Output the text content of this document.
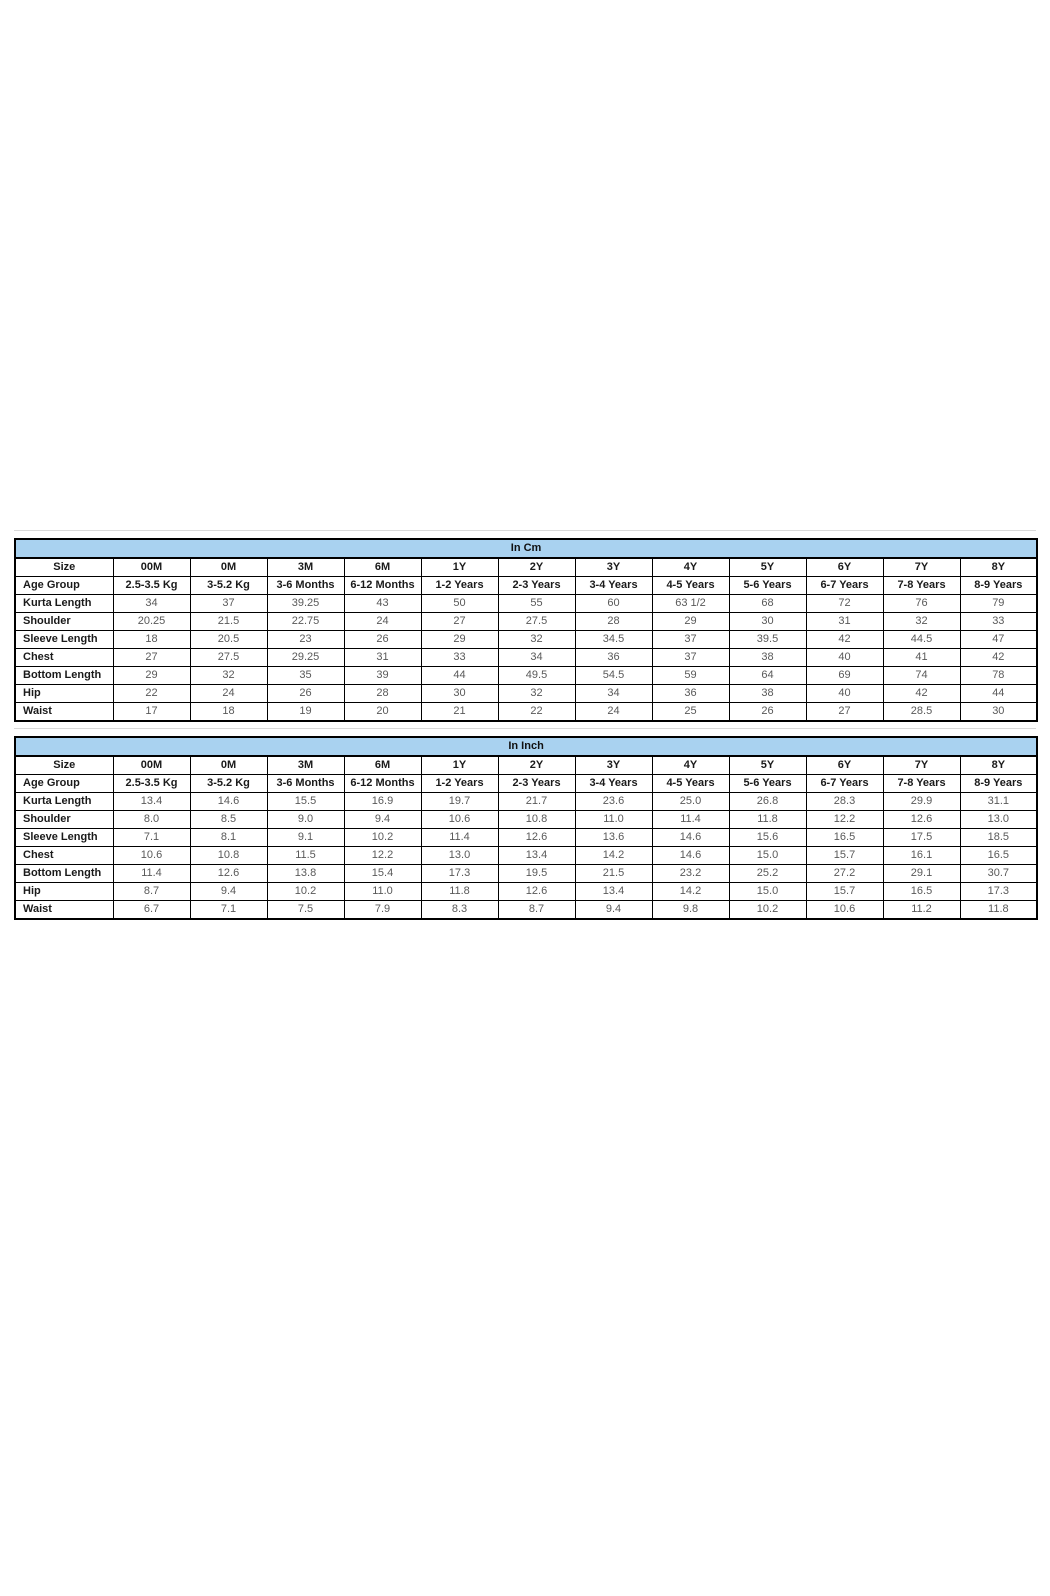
In Cm												
Size	00M	0M	3M	6M	1Y	2Y	3Y	4Y	5Y	6Y	7Y	8Y
Age Group	2.5-3.5 Kg	3-5.2 Kg	3-6 Months	6-12 Months	1-2 Years	2-3 Years	3-4 Years	4-5 Years	5-6 Years	6-7 Years	7-8 Years	8-9 Years
Kurta Length	34	37	39.25	43	50	55	60	63 1/2	68	72	76	79
Shoulder	20.25	21.5	22.75	24	27	27.5	28	29	30	31	32	33
Sleeve Length	18	20.5	23	26	29	32	34.5	37	39.5	42	44.5	47
Chest	27	27.5	29.25	31	33	34	36	37	38	40	41	42
Bottom Length	29	32	35	39	44	49.5	54.5	59	64	69	74	78
Hip	22	24	26	28	30	32	34	36	38	40	42	44
Waist	17	18	19	20	21	22	24	25	26	27	28.5	30
In Inch												
Size	00M	0M	3M	6M	1Y	2Y	3Y	4Y	5Y	6Y	7Y	8Y
Age Group	2.5-3.5 Kg	3-5.2 Kg	3-6 Months	6-12 Months	1-2 Years	2-3 Years	3-4 Years	4-5 Years	5-6 Years	6-7 Years	7-8 Years	8-9 Years
Kurta Length	13.4	14.6	15.5	16.9	19.7	21.7	23.6	25.0	26.8	28.3	29.9	31.1
Shoulder	8.0	8.5	9.0	9.4	10.6	10.8	11.0	11.4	11.8	12.2	12.6	13.0
Sleeve Length	7.1	8.1	9.1	10.2	11.4	12.6	13.6	14.6	15.6	16.5	17.5	18.5
Chest	10.6	10.8	11.5	12.2	13.0	13.4	14.2	14.6	15.0	15.7	16.1	16.5
Bottom Length	11.4	12.6	13.8	15.4	17.3	19.5	21.5	23.2	25.2	27.2	29.1	30.7
Hip	8.7	9.4	10.2	11.0	11.8	12.6	13.4	14.2	15.0	15.7	16.5	17.3
Waist	6.7	7.1	7.5	7.9	8.3	8.7	9.4	9.8	10.2	10.6	11.2	11.8
